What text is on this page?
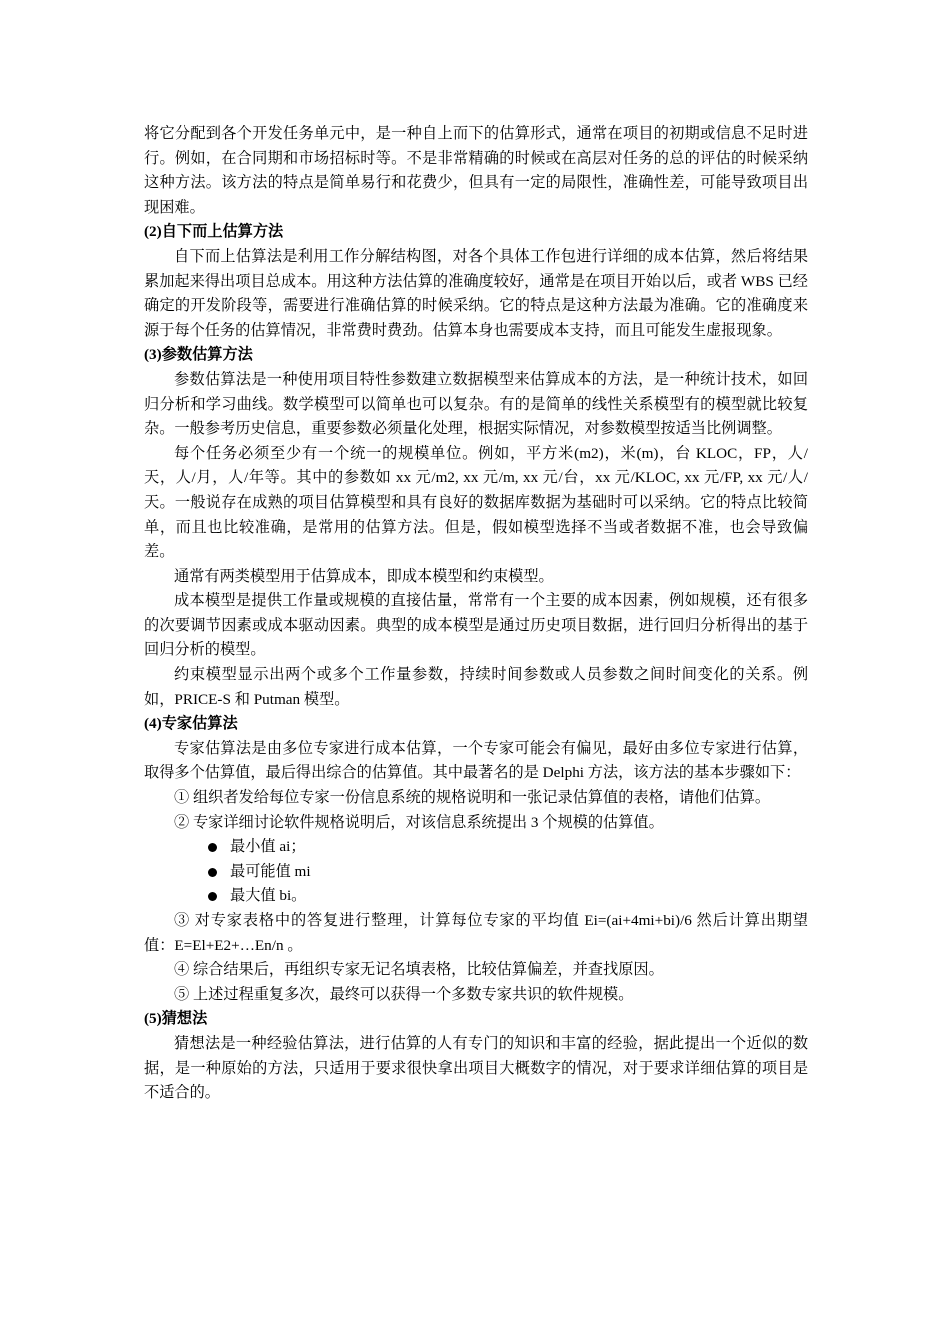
将它分配到各个开发任务单元中，是一种自上而下的估算形式，通常在项目的初期或信息不足时进行。例如，在合同期和市场招标时等。不是非常精确的时候或在高层对任务的总的评估的时候采纳这种方法。该方法的特点是简单易行和花费少，但具有一定的局限性，准确性差，可能导致项目出现困难。

(2)自下而上估算方法

自下而上估算法是利用工作分解结构图，对各个具体工作包进行详细的成本估算，然后将结果累加起来得出项目总成本。用这种方法估算的准确度较好，通常是在项目开始以后，或者 WBS 已经确定的开发阶段等，需要进行准确估算的时候采纳。它的特点是这种方法最为准确。它的准确度来源于每个任务的估算情况，非常费时费劲。估算本身也需要成本支持，而且可能发生虚报现象。

(3)参数估算方法

参数估算法是一种使用项目特性参数建立数据模型来估算成本的方法，是一种统计技术，如回归分析和学习曲线。数学模型可以简单也可以复杂。有的是简单的线性关系模型有的模型就比较复杂。一般参考历史信息，重要参数必须量化处理，根据实际情况，对参数模型按适当比例调整。

每个任务必须至少有一个统一的规模单位。例如，平方米(m2)，米(m)，台 KLOC，FP，人/天，人/月，人/年等。其中的参数如 xx 元/m2, xx 元/m, xx 元/台，xx 元/KLOC, xx 元/FP, xx 元/人/天。一般说存在成熟的项目估算模型和具有良好的数据库数据为基础时可以采纳。它的特点比较简单，而且也比较准确，是常用的估算方法。但是，假如模型选择不当或者数据不准，也会导致偏差。

通常有两类模型用于估算成本，即成本模型和约束模型。

成本模型是提供工作量或规模的直接估量，常常有一个主要的成本因素，例如规模，还有很多的次要调节因素或成本驱动因素。典型的成本模型是通过历史项目数据，进行回归分析得出的基于回归分析的模型。

约束模型显示出两个或多个工作量参数，持续时间参数或人员参数之间时间变化的关系。例如，PRICE-S 和 Putman 模型。

(4)专家估算法

专家估算法是由多位专家进行成本估算，一个专家可能会有偏见，最好由多位专家进行估算，取得多个估算值，最后得出综合的估算值。其中最著名的是 Delphi 方法，该方法的基本步骤如下：

① 组织者发给每位专家一份信息系统的规格说明和一张记录估算值的表格，请他们估算。

② 专家详细讨论软件规格说明后，对该信息系统提出 3 个规模的估算值。

最小值 ai；
最可能值 mi
最大值 bi。

③ 对专家表格中的答复进行整理，计算每位专家的平均值 Ei=(ai+4mi+bi)/6 然后计算出期望值：E=El+E2+…En/n 。

④ 综合结果后，再组织专家无记名填表格，比较估算偏差，并查找原因。

⑤ 上述过程重复多次，最终可以获得一个多数专家共识的软件规模。

(5)猜想法

猜想法是一种经验估算法，进行估算的人有专门的知识和丰富的经验，据此提出一个近似的数据，是一种原始的方法，只适用于要求很快拿出项目大概数字的情况，对于要求详细估算的项目是不适合的。
